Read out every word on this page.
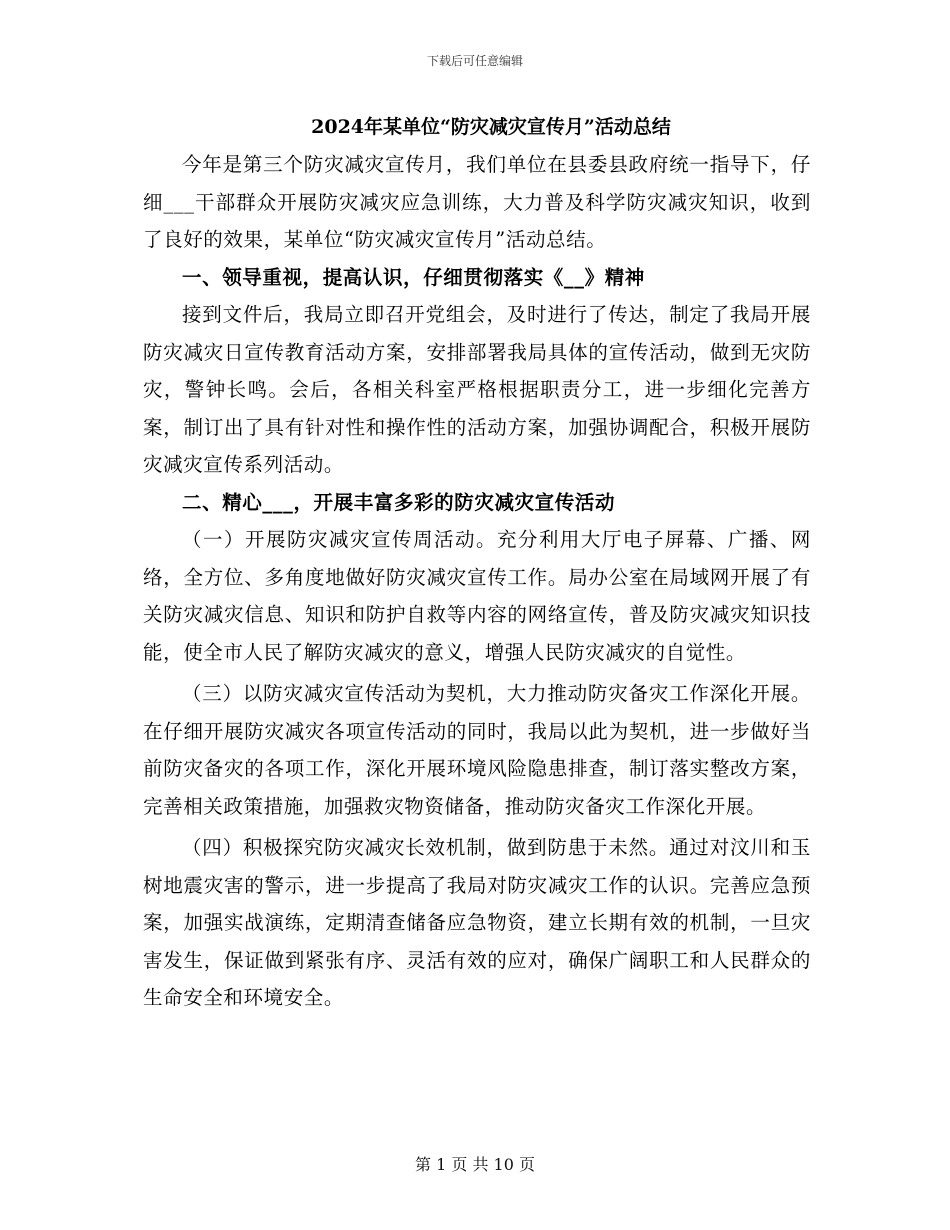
下载后可任意编辑
2024年某单位“防灾减灾宣传月”活动总结

今年是第三个防灾减灾宣传月，我们单位在县委县政府统一指导下，仔细___干部群众开展防灾减灾应急训练，大力普及科学防灾减灾知识，收到了良好的效果，某单位“防灾减灾宣传月”活动总结。

一、领导重视，提高认识，仔细贯彻落实《__》精神

接到文件后，我局立即召开党组会，及时进行了传达，制定了我局开展防灾减灾日宣传教育活动方案，安排部署我局具体的宣传活动，做到无灾防灾，警钟长鸣。会后，各相关科室严格根据职责分工，进一步细化完善方案，制订出了具有针对性和操作性的活动方案，加强协调配合，积极开展防灾减灾宣传系列活动。

二、精心___，开展丰富多彩的防灾减灾宣传活动

（一）开展防灾减灾宣传周活动。充分利用大厅电子屏幕、广播、网络，全方位、多角度地做好防灾减灾宣传工作。局办公室在局域网开展了有关防灾减灾信息、知识和防护自救等内容的网络宣传，普及防灾减灾知识技能，使全市人民了解防灾减灾的意义，增强人民防灾减灾的自觉性。

（三）以防灾减灾宣传活动为契机，大力推动防灾备灾工作深化开展。在仔细开展防灾减灾各项宣传活动的同时，我局以此为契机，进一步做好当前防灾备灾的各项工作，深化开展环境风险隐患排查，制订落实整改方案，完善相关政策措施，加强救灾物资储备，推动防灾备灾工作深化开展。

（四）积极探究防灾减灾长效机制，做到防患于未然。通过对汶川和玉树地震灾害的警示，进一步提高了我局对防灾减灾工作的认识。完善应急预案，加强实战演练，定期清查储备应急物资，建立长期有效的机制，一旦灾害发生，保证做到紧张有序、灵活有效的应对，确保广阔职工和人民群众的生命安全和环境安全。

第 1 页 共 10 页
